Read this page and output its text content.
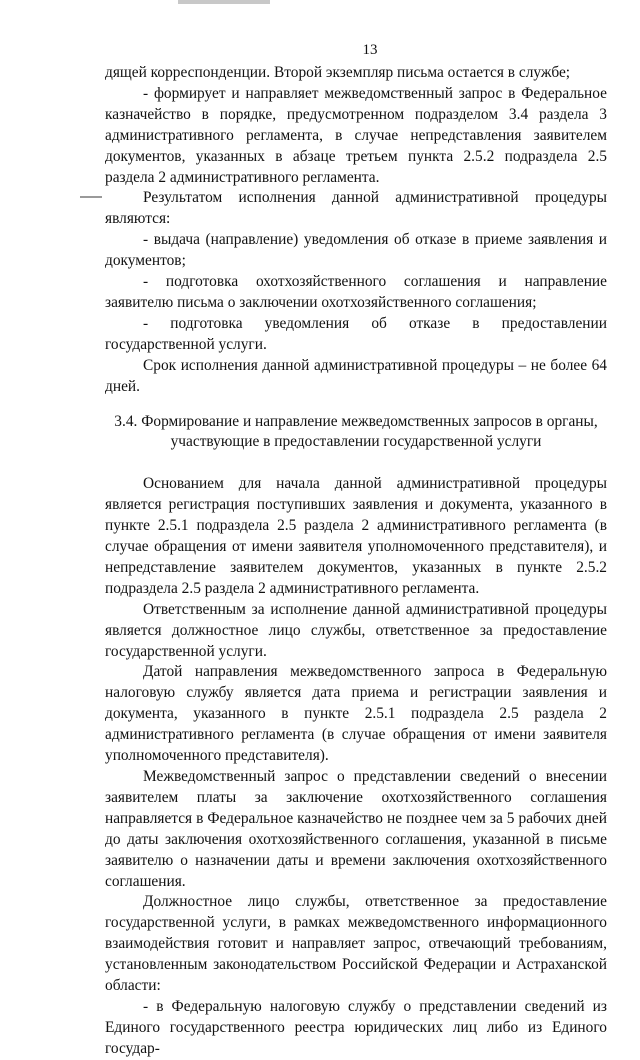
13

дящей корреспонденции. Второй экземпляр письма остается в службе;

- формирует и направляет межведомственный запрос в Федеральное казначейство в порядке, предусмотренном подразделом 3.4 раздела 3 административного регламента, в случае непредставления заявителем документов, указанных в абзаце третьем пункта 2.5.2 подраздела 2.5 раздела 2 административного регламента.

Результатом исполнения данной административной процедуры являются:

- выдача (направление) уведомления об отказе в приеме заявления и документов;

- подготовка охотхозяйственного соглашения и направление заявителю письма о заключении охотхозяйственного соглашения;

- подготовка уведомления об отказе в предоставлении государственной услуги.

Срок исполнения данной административной процедуры – не более 64 дней.

3.4. Формирование и направление межведомственных запросов в органы, участвующие в предоставлении государственной услуги

Основанием для начала данной административной процедуры является регистрация поступивших заявления и документа, указанного в пункте 2.5.1 подраздела 2.5 раздела 2 административного регламента (в случае обращения от имени заявителя уполномоченного представителя), и непредставление заявителем документов, указанных в пункте 2.5.2 подраздела 2.5 раздела 2 административного регламента.

Ответственным за исполнение данной административной процедуры является должностное лицо службы, ответственное за предоставление государственной услуги.

Датой направления межведомственного запроса в Федеральную налоговую службу является дата приема и регистрации заявления и документа, указанного в пункте 2.5.1 подраздела 2.5 раздела 2 административного регламента (в случае обращения от имени заявителя уполномоченного представителя).

Межведомственный запрос о представлении сведений о внесении заявителем платы за заключение охотхозяйственного соглашения направляется в Федеральное казначейство не позднее чем за 5 рабочих дней до даты заключения охотхозяйственного соглашения, указанной в письме заявителю о назначении даты и времени заключения охотхозяйственного соглашения.

Должностное лицо службы, ответственное за предоставление государственной услуги, в рамках межведомственного информационного взаимодействия готовит и направляет запрос, отвечающий требованиям, установленным законодательством Российской Федерации и Астраханской области:

- в Федеральную налоговую службу о представлении сведений из Единого государственного реестра юридических лиц либо из Единого государ-
